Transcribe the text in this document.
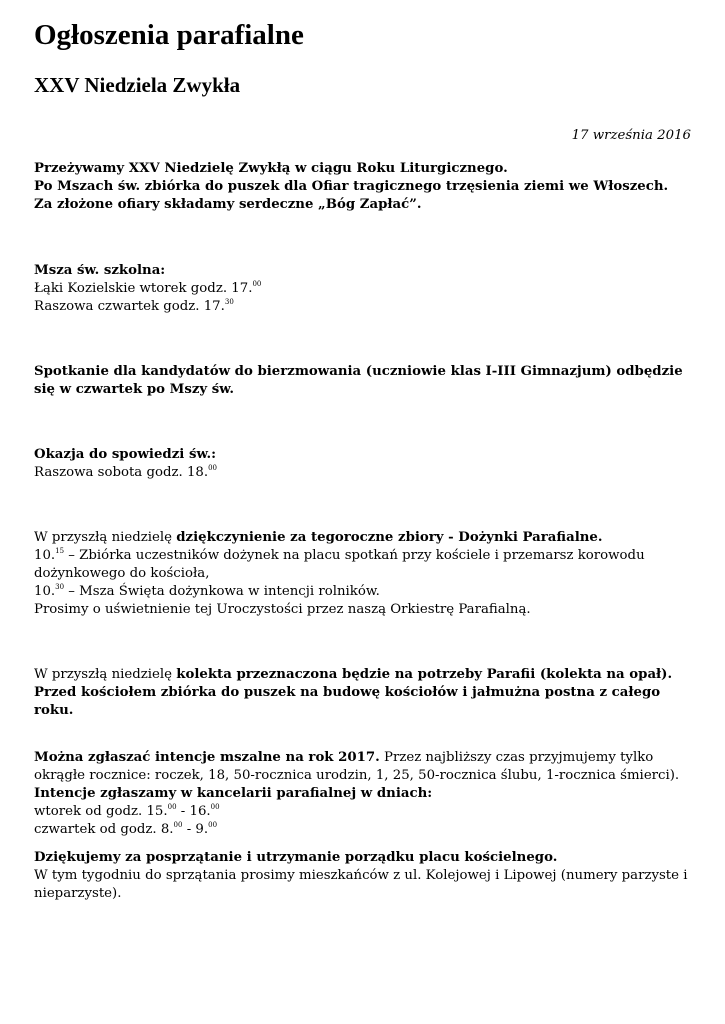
Ogłoszenia parafialne
XXV Niedziela Zwykła
17 września 2016

Przeżywamy XXV Niedzielę Zwykłą w ciągu Roku Liturgicznego.

Po Mszach św. zbiórka do puszek dla Ofiar tragicznego trzęsienia ziemi we Włoszech. Za złożone ofiary składamy serdeczne „Bóg Zapłać”.

Msza św. szkolna:

Łąki Kozielskie wtorek godz. 17.00

Raszowa czwartek godz. 17.30

Spotkanie dla kandydatów do bierzmowania (uczniowie klas I-III Gimnazjum) odbędzie się w czwartek po Mszy św.

Okazja do spowiedzi św.:

Raszowa sobota godz. 18.00

W przyszłą niedzielę dziękczynienie za tegoroczne zbiory - Dożynki Parafialne.

10.15 – Zbiórka uczestników dożynek na placu spotkań przy kościele i przemarsz korowodu dożynkowego do kościoła,

10.30 – Msza Święta dożynkowa w intencji rolników.

Prosimy o uświetnienie tej Uroczystości przez naszą Orkiestrę Parafialną.

W przyszłą niedzielę kolekta przeznaczona będzie na potrzeby Parafii (kolekta na opał). Przed kościołem zbiórka do puszek na budowę kościołów i jałmużna postna z całego roku.

Można zgłaszać intencje mszalne na rok 2017. Przez najbliższy czas przyjmujemy tylko okrągłe rocznice: roczek, 18, 50-rocznica urodzin, 1, 25, 50-rocznica ślubu, 1-rocznica śmierci).

Intencje zgłaszamy w kancelarii parafialnej w dniach:

wtorek od godz. 15.00 - 16.00

czwartek od godz. 8.00 - 9.00

Dziękujemy za posprzątanie i utrzymanie porządku placu kościelnego.

W tym tygodniu do sprzątania prosimy mieszkańców z ul. Kolejowej i Lipowej (numery parzyste i nieparzyste).
